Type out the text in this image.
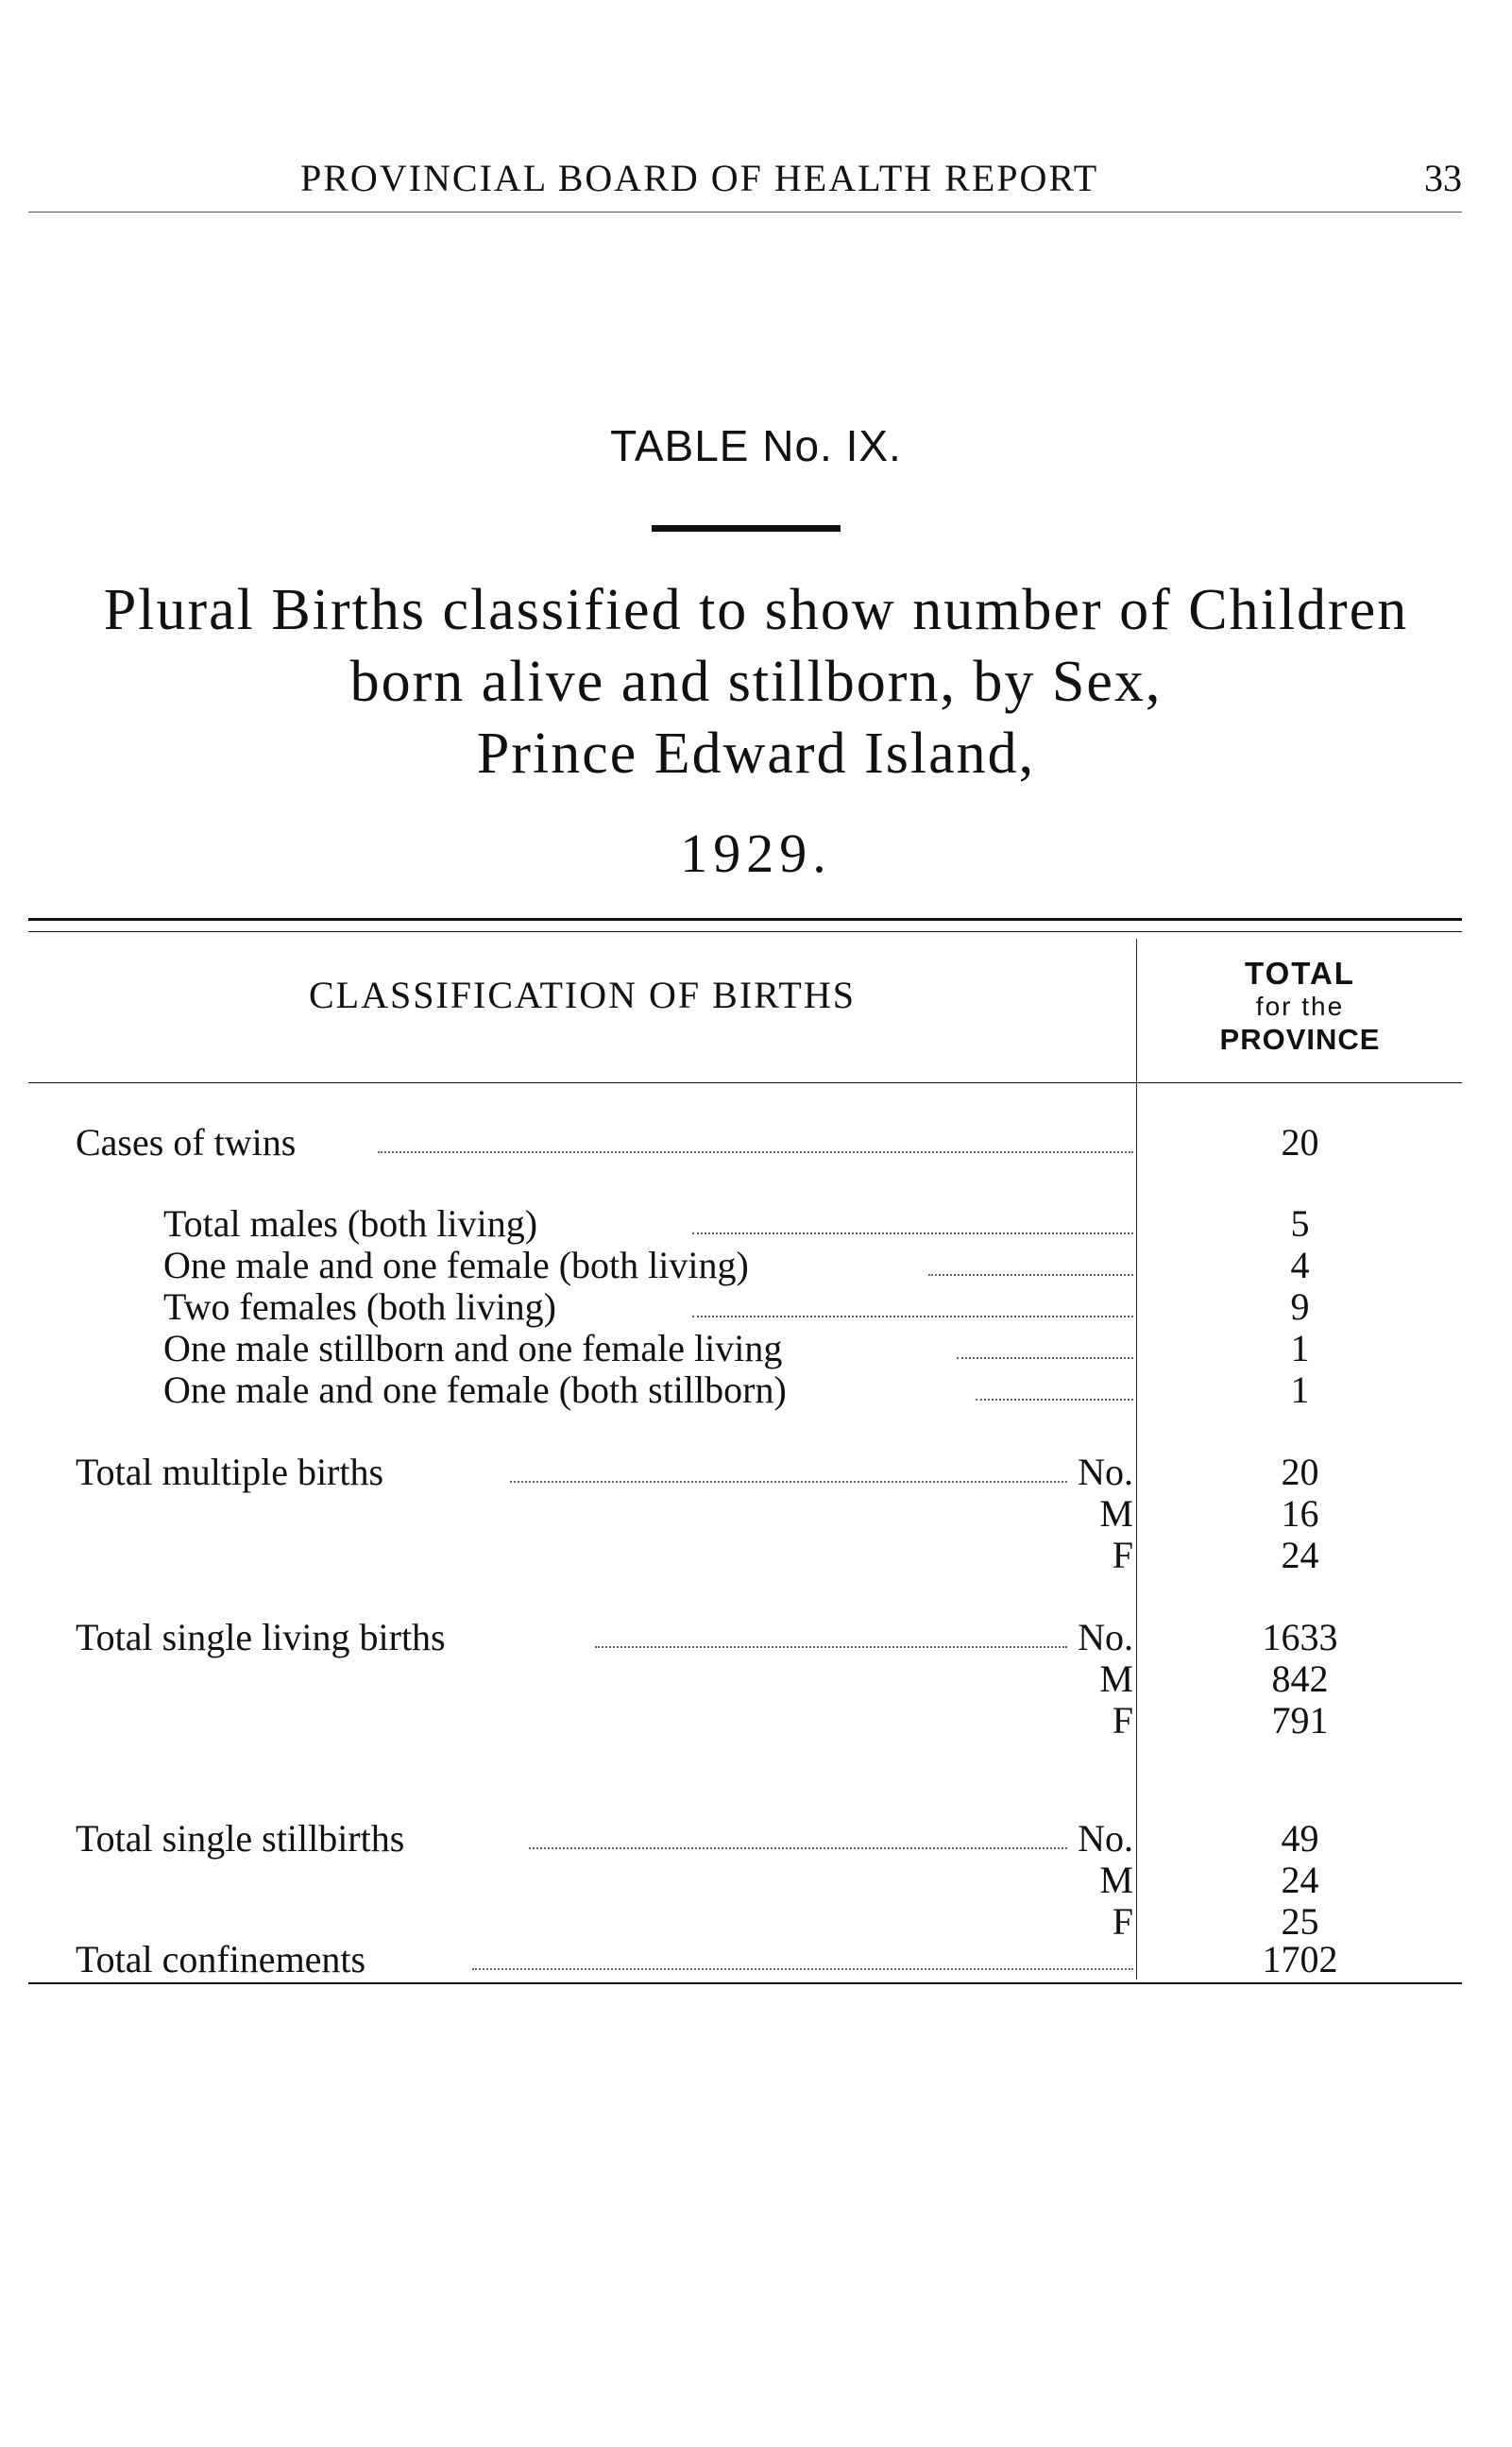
PROVINCIAL BOARD OF HEALTH REPORT	33
TABLE No. IX.
Plural Births classified to show number of Children
born alive and stillborn, by Sex,
Prince Edward Island,
1929.
CLASSIFICATION OF BIRTHS
TOTAL
for the
PROVINCE
Cases of twins	20
Total males (both living)	5
One male and one female (both living)	4
Two females (both living)	9
One male stillborn and one female living	1
One male and one female (both stillborn)	1
Total multiple births	No.	20
M	16
F	24
Total single living births	No.	1633
M	842
F	791
Total single stillbirths	No.	49
M	24
F	25
Total confinements	1702
